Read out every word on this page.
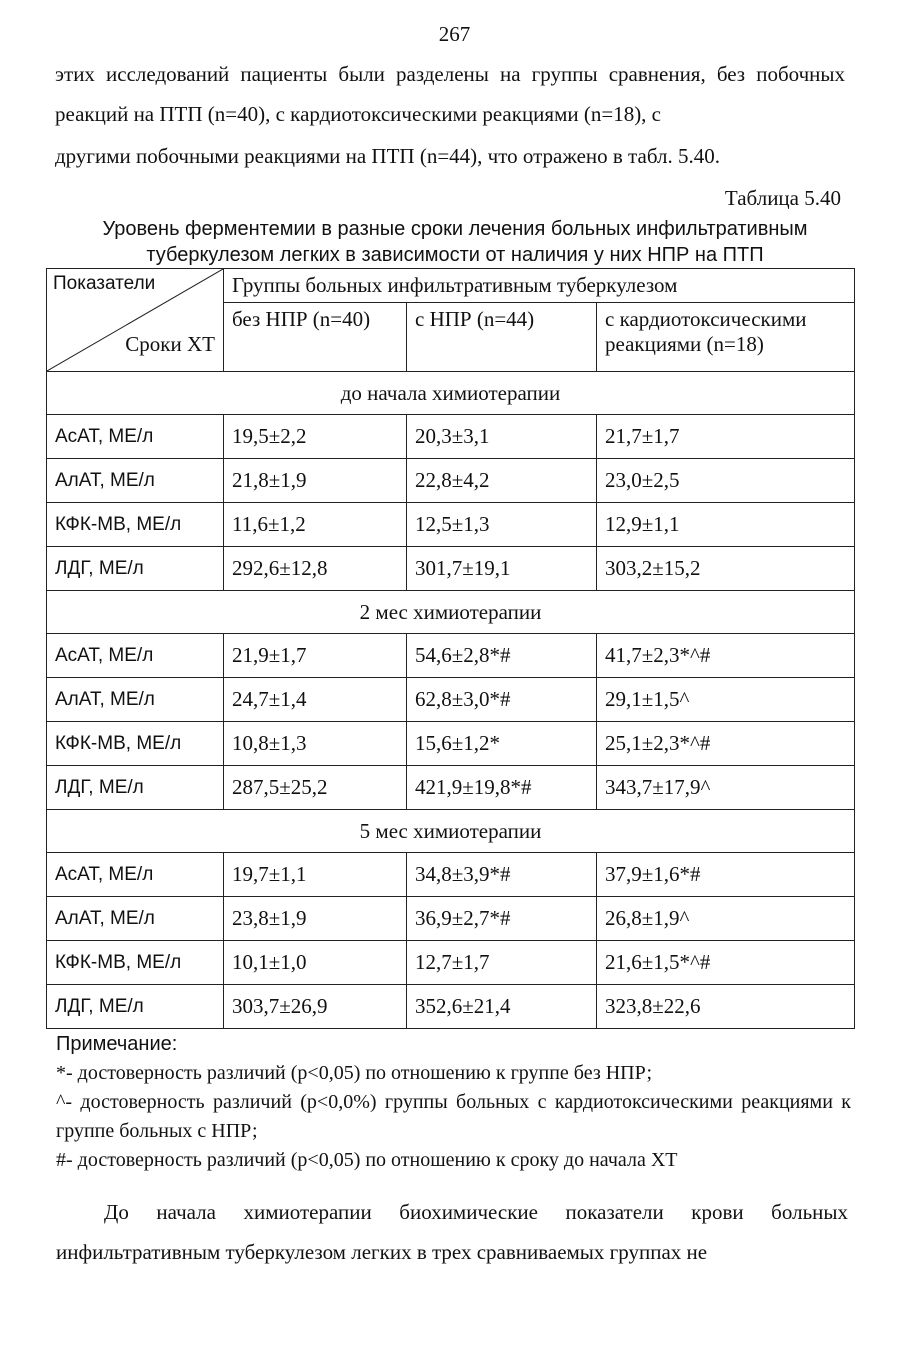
267
этих исследований пациенты были разделены на группы сравнения, без побочных реакций на ПТП (n=40), с кардиотоксическими реакциями (n=18), с
другими побочными реакциями на ПТП (n=44), что отражено в табл. 5.40.
Таблица 5.40
Уровень ферментемии в разные сроки лечения больных инфильтративным туберкулезом легких в зависимости от наличия у них НПР на ПТП
Показатели
Сроки ХТ	Группы больных инфильтративным туберкулезом		
	без НПР (n=40)	с НПР (n=44)	с кардиотоксическими реакциями (n=18)
до начала химиотерапии			
АсАТ, МЕ/л	19,5±2,2	20,3±3,1	21,7±1,7
АлАТ, МЕ/л	21,8±1,9	22,8±4,2	23,0±2,5
КФК-МВ, МЕ/л	11,6±1,2	12,5±1,3	12,9±1,1
ЛДГ, МЕ/л	292,6±12,8	301,7±19,1	303,2±15,2
2 мес химиотерапии			
АсАТ, МЕ/л	21,9±1,7	54,6±2,8*#	41,7±2,3*^#
АлАТ, МЕ/л	24,7±1,4	62,8±3,0*#	29,1±1,5^
КФК-МВ, МЕ/л	10,8±1,3	15,6±1,2*	25,1±2,3*^#
ЛДГ, МЕ/л	287,5±25,2	421,9±19,8*#	343,7±17,9^
5 мес химиотерапии			
АсАТ, МЕ/л	19,7±1,1	34,8±3,9*#	37,9±1,6*#
АлАТ, МЕ/л	23,8±1,9	36,9±2,7*#	26,8±1,9^
КФК-МВ, МЕ/л	10,1±1,0	12,7±1,7	21,6±1,5*^#
ЛДГ, МЕ/л	303,7±26,9	352,6±21,4	323,8±22,6
Примечание:
*- достоверность различий (p<0,05) по отношению к группе без НПР;
^- достоверность различий (p<0,0%) группы больных с кардиотоксическими реакциями к группе больных с НПР;
#- достоверность различий (p<0,05) по отношению к сроку до начала ХТ
До начала химиотерапии биохимические показатели крови больных инфильтративным туберкулезом легких в трех сравниваемых группах не
